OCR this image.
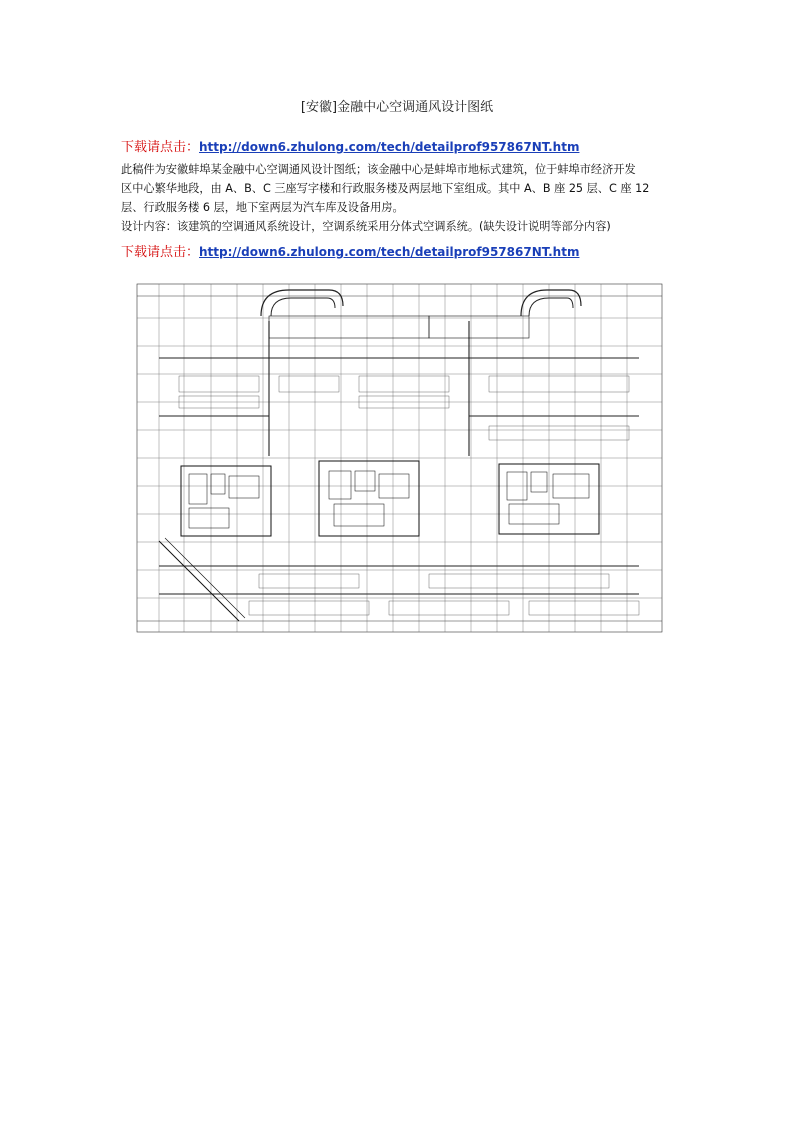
[安徽]金融中心空调通风设计图纸
下载请点击：http://down6.zhulong.com/tech/detailprof957867NT.htm
此稿件为安徽蚌埠某金融中心空调通风设计图纸；该金融中心是蚌埠市地标式建筑，位于蚌埠市经济开发
区中心繁华地段，由 A、B、C 三座写字楼和行政服务楼及两层地下室组成。其中 A、B 座 25 层、C 座 12
层、行政服务楼 6 层，地下室两层为汽车库及设备用房。
设计内容：该建筑的空调通风系统设计，空调系统采用分体式空调系统。(缺失设计说明等部分内容)
下载请点击：http://down6.zhulong.com/tech/detailprof957867NT.htm
